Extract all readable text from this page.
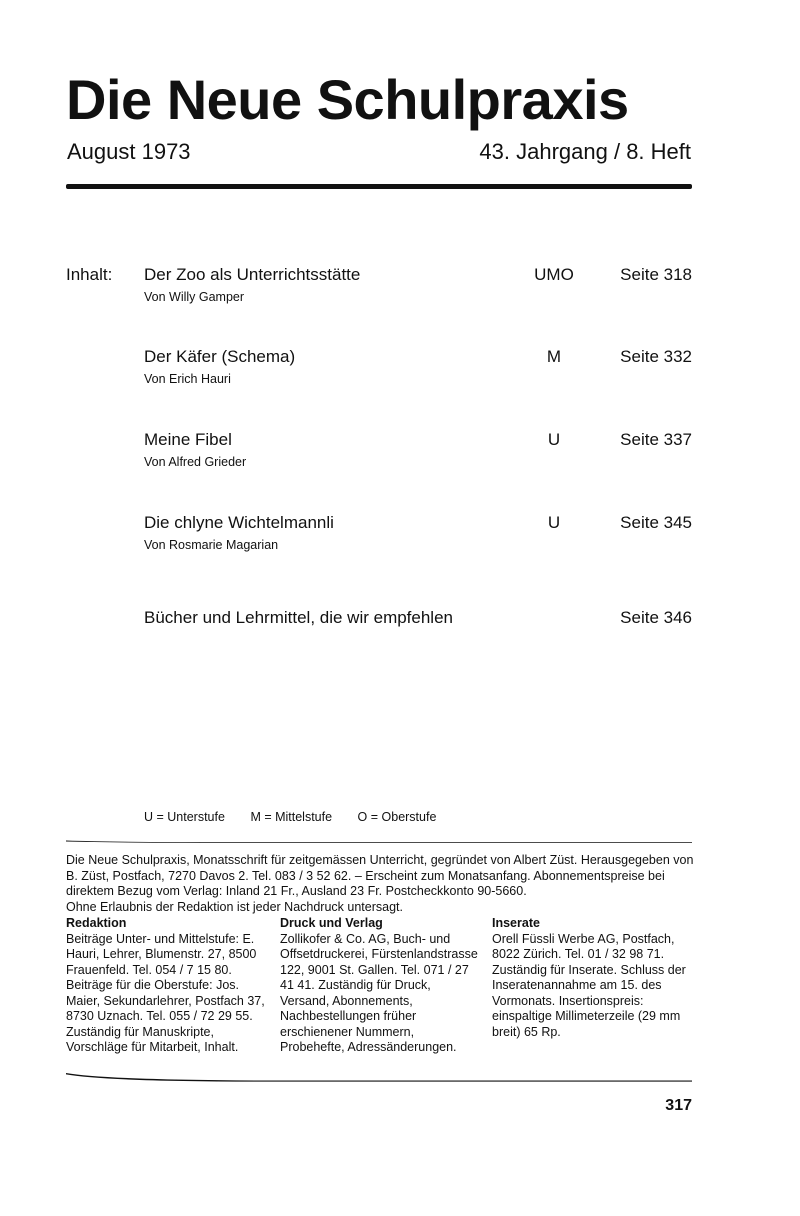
Die Neue Schulpraxis
August 1973	43. Jahrgang / 8. Heft
Inhalt: Der Zoo als Unterrichtsstätte
Von Willy Gamper
UMO	Seite 318
Der Käfer (Schema)
Von Erich Hauri
M	Seite 332
Meine Fibel
Von Alfred Grieder
U	Seite 337
Die chlyne Wichtelmannli
Von Rosmarie Magarian
U	Seite 345
Bücher und Lehrmittel, die wir empfehlen	Seite 346
U = Unterstufe M = Mittelstufe O = Oberstufe
Die Neue Schulpraxis, Monatsschrift für zeitgemässen Unterricht, gegründet von Albert Züst. Herausgegeben von B. Züst, Postfach, 7270 Davos 2. Tel. 083 / 3 52 62. – Erscheint zum Monatsanfang. Abonnementspreise bei direktem Bezug vom Verlag: Inland 21 Fr., Ausland 23 Fr. Postcheckkonto 90-5660.
Ohne Erlaubnis der Redaktion ist jeder Nachdruck untersagt.
Redaktion

Beiträge Unter- und Mittelstufe: E. Hauri, Lehrer, Blumenstr. 27, 8500 Frauenfeld. Tel. 054 / 7 15 80. Beiträge für die Oberstufe: Jos. Maier, Sekundarlehrer, Postfach 37, 8730 Uznach. Tel. 055 / 72 29 55. Zuständig für Manuskripte, Vorschläge für Mitarbeit, Inhalt.

Druck und Verlag

Zollikofer & Co. AG, Buch- und Offsetdruckerei, Fürstenlandstrasse 122, 9001 St. Gallen. Tel. 071 / 27 41 41. Zuständig für Druck, Versand, Abonnements, Nachbestellungen früher erschienener Nummern, Probehefte, Adressänderungen.

Inserate

Orell Füssli Werbe AG, Postfach, 8022 Zürich. Tel. 01 / 32 98 71. Zuständig für Inserate. Schluss der Inseratenannahme am 15. des Vormonats. Insertionspreis: einspaltige Millimeterzeile (29 mm breit) 65 Rp.

317
